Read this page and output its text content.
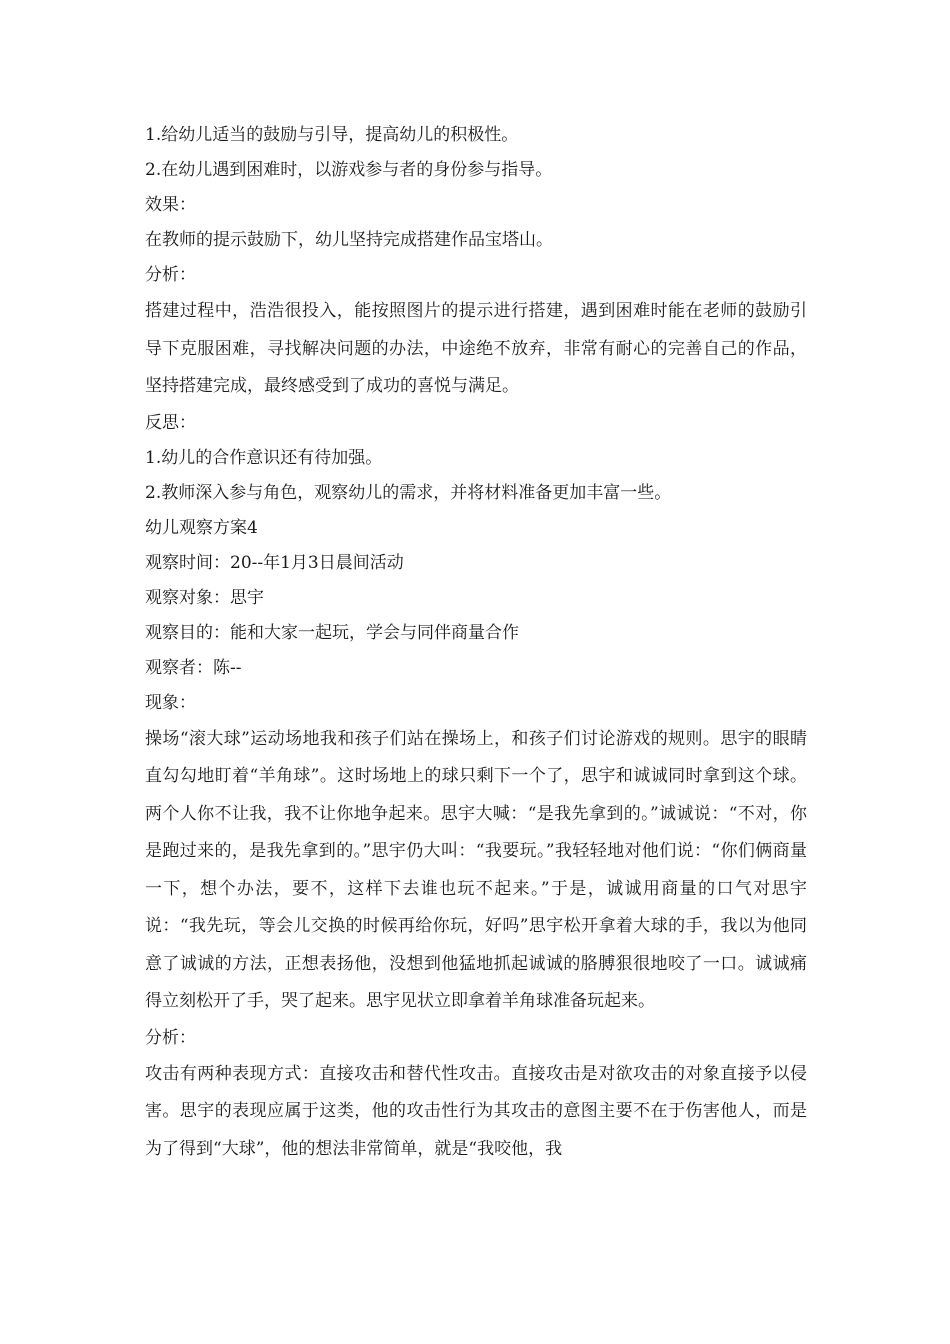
1.给幼儿适当的鼓励与引导，提高幼儿的积极性。

2.在幼儿遇到困难时，以游戏参与者的身份参与指导。

效果：

在教师的提示鼓励下，幼儿坚持完成搭建作品宝塔山。

分析：

搭建过程中，浩浩很投入，能按照图片的提示进行搭建，遇到困难时能在老师的鼓励引导下克服困难，寻找解决问题的办法，中途绝不放弃，非常有耐心的完善自己的作品，坚持搭建完成，最终感受到了成功的喜悦与满足。

反思：

1.幼儿的合作意识还有待加强。

2.教师深入参与角色，观察幼儿的需求，并将材料准备更加丰富一些。

幼儿观察方案4

观察时间：20--年1月3日晨间活动

观察对象：思宇

观察目的：能和大家一起玩，学会与同伴商量合作

观察者：陈--

现象：

操场“滚大球”运动场地我和孩子们站在操场上，和孩子们讨论游戏的规则。思宇的眼睛直勾勾地盯着“羊角球”。这时场地上的球只剩下一个了，思宇和诚诚同时拿到这个球。两个人你不让我，我不让你地争起来。思宇大喊：“是我先拿到的。”诚诚说：“不对，你是跑过来的，是我先拿到的。”思宇仍大叫：“我要玩。”我轻轻地对他们说：“你们俩商量一下，想个办法，要不，这样下去谁也玩不起来。”于是，诚诚用商量的口气对思宇说：“我先玩，等会儿交换的时候再给你玩，好吗”思宇松开拿着大球的手，我以为他同意了诚诚的方法，正想表扬他，没想到他猛地抓起诚诚的胳膊狠很地咬了一口。诚诚痛得立刻松开了手，哭了起来。思宇见状立即拿着羊角球准备玩起来。

分析：

攻击有两种表现方式：直接攻击和替代性攻击。直接攻击是对欲攻击的对象直接予以侵害。思宇的表现应属于这类，他的攻击性行为其攻击的意图主要不在于伤害他人，而是为了得到“大球”，他的想法非常简单，就是“我咬他，我
